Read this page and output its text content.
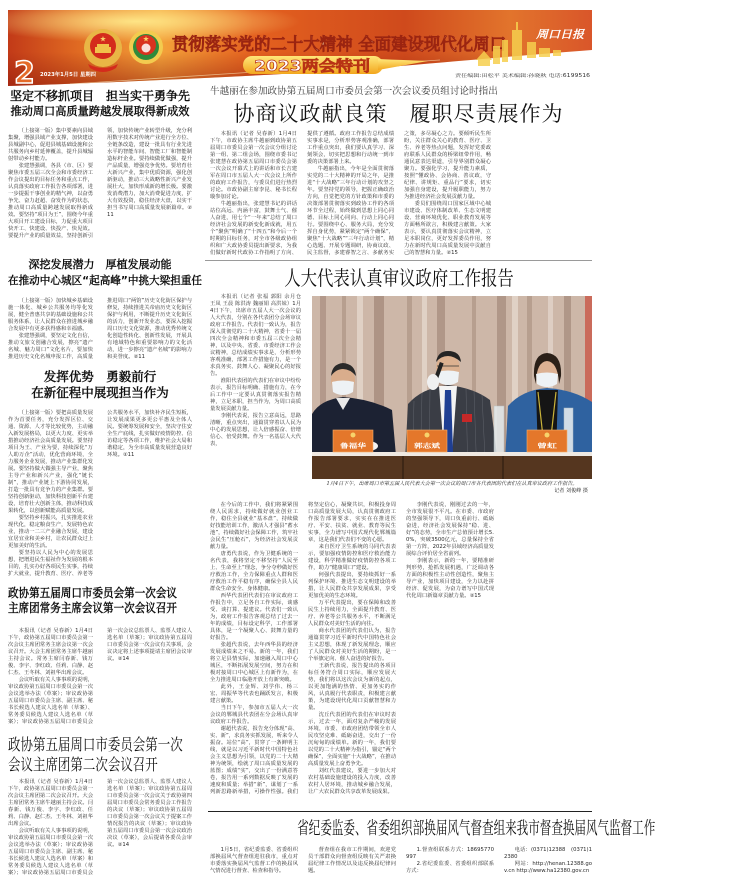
2 2023年1月5日 星期四
贯彻落实党的二十大精神 全面建设现代化周口
2023两会特刊
周口日报
责任编辑:田松平 美术编辑:孙晓秋 电话:6199516
坚定不移抓项目　担当实干勇争先
推动周口高质量跨越发展取得新成效

（上接第一版）集中要素向县域集聚，增强县域产业支撑，加快建设县城副中心，促进县城基础设施和公共服务向乡村延伸覆盖，提升县城辐射带动乡村能力。

张建慧强调，各县（市、区）要聚焦市委五届三次全会和市委经济工作会议提出的目标任务和重点工作，认真落实政府工作报告各项部署，进一步提振干事创业的精气神，以奋勇争先、奋力赶超、奋发作为的状态，推动周口高质量跨越发展取得新成效。要坚持“项目为王”，围绕今年重大项目开工建设目标，力促重大项目快开工、快建设、快投产、快见效。要提升产业的质量效益，坚持创新引领，加快传统产业转型升级，充分利用数字技术对传统产业进行全方位、全链条改造，建设一批具有行业先进水平的智能车间、智能工厂和智能制造标杆企业。要持续做优做强，提升产品质量，增强竞争优势。要培育壮大新兴产业，集中优质资源，强化创新驱动，推动三大战略性新兴产业发展壮大，加快形成新的增长极。要激发消费潜力，加大消费促进力度，扩大有效投资，稳住经济大盘，以实干担当书写周口高质量发展新篇章。②11

深挖发展潜力　厚植发展动能
在推动中心城区“起高峰”中挑大梁担重任

（上接第一版）加快城乡基础设施一体化、城乡公共服务均等化发展，健全普惠共享的基础设施和公共服务体系，让人民群众在推进城乡融合发展中有更多获得感和幸福感。

张建慧强调，要坚定文化自信，推动文旅文创融合发展，擦亮“遗产名城、魅力周口”文化名片，要加快推进历史文化名城申报工作，高质量推进周口“两馆”历史文化街区保护与修复，持续推进关帝庙历史文化街区保护与利用，不断提升历史文化街区的活力，创新开发业态，要深入挖掘周口历史文化资源，推动优秀传统文化创造性转化、创新性发展，开展具有地域特色和重要影响力的文化活动，进一步擦亮“遗产名城”的影响力和美誉度。②11

发挥优势　勇毅前行
在新征程中展现担当作为

（上接第一版）要把高质量发展作为首要任务，充分发挥区位、交通、资源、人才等比较优势，主动融入新发展格局，以更大力度、更实举措推动经济社会高质量发展。要坚持项目为王、产业为要，持续深化“万人助万企”活动，优化营商环境，全力服务企业发展，推动产业集群化发展。要坚持做大做强主导产业，聚焦主导产业和新兴产业，强化“链长制”，推动产业链上下游协同发展，打造一批具有竞争力的产业集群。要坚持创新驱动，加快科技创新平台建设，培育壮大创新主体，推动科技成果转化，以创新赋能高质量发展。

要坚持乡村振兴，扎实推进农业现代化，稳定粮食生产，发展特色农业，推动一二三产业融合发展，建设宜居宜业和美乡村，让农民群众过上更加美好的生活。

要坚持以人民为中心的发展思想，把增进民生福祉作为发展的根本目的，扎实办好各项民生实事，持续扩大就业，提升教育、医疗、养老等公共服务水平，加快补齐民生短板，让发展成果更多更公平惠及全体人民。要统筹发展和安全，坚决守住安全生产底线，扎实做好疫情防控、信访稳定等各项工作，维护社会大局和谐稳定，为全市高质量发展营造良好环境。②11

政协第五届周口市委员会第一次会议
主席团常务主席会议第一次会议召开

本报讯（记者 吴春新）1月4日下午，政协第五届周口市委员会第一次会议主席团常务主席会议第一次会议召开。大会主席团常务主席牛越丽主持会议。常务主席闫春新、钱万俊、李宇、李红政、任莉、白静、赵仁杰、王冬林、刘祖华出席会议。

会议听取有关人事事项的说明，审议政协第五届周口市委员会第一次会议选举办法（草案）；审议政协第五届周口市委员会主席、副主席、秘书长候选人建议人选名单（草案）、常务委员候选人建议人选名单（草案）；审议政协第五届周口市委员会第一次会议总监票人、监票人建议人选名单（草案）；审议政协第五届周口市委员会第一次会议有关事项，会议决定将上述事项提请主席团会议审议。②14

政协第五届周口市委员会第一次
会议主席团第二次会议召开

本报讯（记者 吴春新）1月4日下午，政协第五届周口市委员会第一次会议主席团第二次会议召开。大会主席团常务主席牛越丽主持会议。闫春新、钱万俊、李宇、李红政、任莉、白静、赵仁杰、王冬林、刘祖华出席会议。

会议听取有关人事事项的说明，审议政协第五届周口市委员会第一次会议选举办法（草案）；审议政协第五届周口市委员会主席、副主席、秘书长候选人建议人选名单（草案）和常务委员候选人建议人选名单（草案）；审议政协第五届周口市委员会第一次会议总监票人、监票人建议人选名单（草案）；审议政协第五届周口市委员会第一次会议关于政协第四届周口市委员会常务委员会工作报告的决议（草案）；审议政协第五届周口市委员会第一次会议关于提案工作情况报告的决议（草案）；审议政协第五届周口市委员会第一次会议政治决议（草案），会后提请各委员会审议。②14

牛越丽在参加政协第五届周口市委员会第一次会议委员组讨论时指出
协商议政献良策　履职尽责展作为

本报讯（记者 吴春新）1月4日下午，市政协主席牛越丽到政协第五届周口市委员会第一次会议分组讨论第一组、第二组会场，围绕市委书记张建慧在政协第五届周口市委员会第一次会议开幕式上的讲话和市长吉建军在周口市五届人大一次会议上所作的政府工作报告，与委员们进行热烈讨论。市政协副主席李昆、秘书长程璇参加讨论。

牛越丽指出，张建慧书记的讲话站位高远、内涵丰富，鼓舞士气、催人奋进，用七个“一年来”总结了周口经济社会发展的新变化新成就，用五个“聚焦”明确了“十四五”和今后一个时期的目标任务，对全市各级政协组织和广大政协委员提出新要求，为我们做好新时代政协工作指明了方向、提供了遵循。政府工作报告总结成绩实事求是，分析形势客观准确，部署工作重点突出，我们要认真学习、深刻领会，切实把思想和行动统一到市委的决策部署上来。

牛越丽指出，今年是全面贯彻落实党的二十大精神的开局之年，是推进“十大战略”三年行动计划的攻坚之年。要坚持党的领导，把握正确政治方向，自觉把党的方针政策和市委的决策部署贯彻落实到政协工作的各项环节全过程，始终做到思想上同心同德、目标上同心同向、行动上同心同行。要围绕中心、服务大局，充分发挥自身优势，紧紧锁定“两个确保”，聚焦“十大战略”“三年行动计划”，精心选题、开展专题调研，协商议政、民主监督，多建睿智之言、多献务实之策，多尽凝心之力。要倾听民生所盼，关注群众关心的教育、医疗、卫生、养老等热点问题，发挥好党委政府联系人民群众的桥梁纽带作用，畅通民意表达渠道，引导界别群众凝心聚力。要强化学习，提升能力素质，按照“懂政协、会协商、善议政，守纪律、讲规矩、重品行”要求，切实加强自身建设，提升履职能力，努力为推进经济社会发展贡献力量。

委员们围绕周口国家区域中心城市建设、医疗体制改革、生态文明建设、营商环境优化、职业教育发展等方面畅所欲言，积极建言献策。大家表示，要认真贯彻落实会议精神，立足本职岗位，更好发挥委员作用，努力在新时代周口高质量发展中贡献自己的智慧和力量。②15

人大代表认真审议政府工作报告

本报讯（记者 张福 郭阳 余月仓 王凤 王晨 陈洪涛 魏丽娟 高洪妹）1月4日下午，出席市五届人大一次会议的人大代表，分别在各代表团分会场审议政府工作报告。代表们一致认为，报告深入贯彻党的二十大精神，省委十一届四次全会精神和市委五届三次全会精神，以及中央、省委、市委经济工作会议精神，总结成绩实事求是，分析形势客观准确，部署工作措施有力，是一个求真务实、鼓舞人心、凝聚民心的好报告。

淮阳代表团的代表们在审议中纷纷表示，报告目标明确、措施有力，在今后工作中一定要认真贯彻落实报告精神，立足本职，担当作为，为周口高质量发展贡献力量。

李刚代表说，报告立意高远，思路清晰，重点突出，通篇贯穿着以人民为中心的发展思想，让人倍感振奋、倍增信心、倍受鼓舞。作为一名基层人大代表，	鲁福华	郭志斌	曾虹
1月4日下午，出席周口市第五届人民代表大会第一次会议的周口市各代表团的代表们在认真审议政府工作报告。
记者 刘俊峰 摄

在今后的工作中，我们将紧紧围绕人民需求，持续做好就业创业工作，稳住全县就业“基本盘”，持续做好技能培训工作，激活人才强县“蓄水池”，持续做好社会保障工作，筑牢社会民生“压舱石”，为经济社会发展贡献力量。

唐勇代表说，作为卫健系统的一名代表，我将坚定不移坚持“人民至上、生命至上”理念，争分夺秒做好医疗救治工作，全力保障重点人群和医疗救治工作平稳有序，确保全县人民群众生命安全、身体健康。

西华代表团代表们在审议政府工作报告中，立足各自工作实际，谈感受、谈打算、提建议。代表们一致认为，政府工作报告客观总结了过去一年的成绩，目标设定科学，工作部署具体，是一个凝聚人心、鼓舞力量的好报告。

张超代表说，去年西华县的经济发展成绩来之不易。新的一年，我们将立足县情实际，加速融入周口中心城区，不断拓展发展空间，努力在积极对接周口中心城区上有新作为，在全力推进周口临港开放上有新突破。

此外，王金辉、刘学伟、杨三宏、周振华等代表也踊跃发言，积极建言献策。

当日下午，参加市五届人大一次会议的郸城县代表团在分会场认真审议政府工作报告。

谢超代表说，报告充分体现“高、实、新”，求真务实抓发展，听来令人振奋。站位“高”，贯穿了一条鲜明主线，就是以习近平新时代中国特色社会主义思想为引领，以党的二十大精神为统领，绘就了周口高质量发展的蓝图；成绩“实”，交出了一份满意答卷，报告用一系列数据反映了发展的速度和质量；举措“新”，谋划了一系列新思路新举措，可操作性强。我们将坚定信心，凝聚共识，积极投身周口高质量发展大局，认真贯彻政府工作报告部署要求，实实在在推进医疗、平安、扶贫、就业、教育等民生实事，全力谱写中国式现代化郸城篇章，这是我们代表们不变的心愿。

来自医疗卫生系统的马同代表表示，要加强疫情防控和医疗救治能力建设，科学精准做好疫情防控各项工作，助力“健康周口”建设。

何强代表提出，要持续抓好一系列保护环境、推进生态文明建设的举措，让人民群众共享发展成果，享受更加优美的生态环境。

万平代表提出，要在保障和改善民生上持续用力，全面提升教育、医疗、养老等公共服务水平，不断满足人民群众对美好生活的向往。

商水代表团的代表们认为，报告通篇贯穿习近平新时代中国特色社会主义思想，体现了新发展理念，顺应了人民群众对美好生活的期盼，是一个举旗定向、催人奋进的好报告。

王新代表说，报告提出的各项目标任务符合周口实际，顺应发展大势，我们将以这次会议为新的起点，以更加饱满的热情、更加务实的作风，认真履行代表职责，积极建言献策，为建设现代化周口贡献智慧和力量。

沈丘代表团的代表们在审议时表示，过去一年，面对复杂严峻的发展环境，市委、市政府团结带领全市人民攻坚克难、砥砺奋进，交出了一份沉甸甸的成绩单。新的一年，我们要以党的二十大精神为指引，锚定“两个确保”，全面实施“十大战略”，在推动高质量发展上奋勇争先。

刘红代表建议，要进一步加大对农村基础设施建设的投入力度，改善农村人居环境，推动城乡融合发展，让广大农民群众共享改革发展成果。

李刚代表说，刚刚过去的一年，全市发展很不平凡。在市委、市政府的坚强领导下，周口负重前行、砥砺奋进，经济社会发展保持“稳、进、好”的态势，全市生产总值预计增长5.0%，突破3500亿元，总量保持全省第一方阵，2022年县域经济高质量发展综合评价居全省前列。

李刚表示，新的一年，要精准研判形势，抢抓发展机遇，广泛调动各方面的积极性主动性创造性，聚焦主导产业，加快项目建设，全力以赴拼经济、促发展，为奋力谱写中国式现代化周口新篇章贡献力量。②15

省纪委监委、省委组织部换届风气督查组来我市督查换届风气监督工作

1月5日，省纪委监委、省委组织部换届风气督查组进驻我市，重点对市委落实换届风气监督工作的换届风气情况进行督查、检查和指导。

督查组在我市工作期间，欢迎党员干部群众向督查组反映有关严肃换届纪律工作情况以及违反换届纪律问题。

1.督查组联系方式：18695770997

2.省纪委监委、省委组织部联系方式：

电话：(0371)12388　(0371)12380

网站：http://henan.12388.gov.cn http://www.ha12380.gov.cn
